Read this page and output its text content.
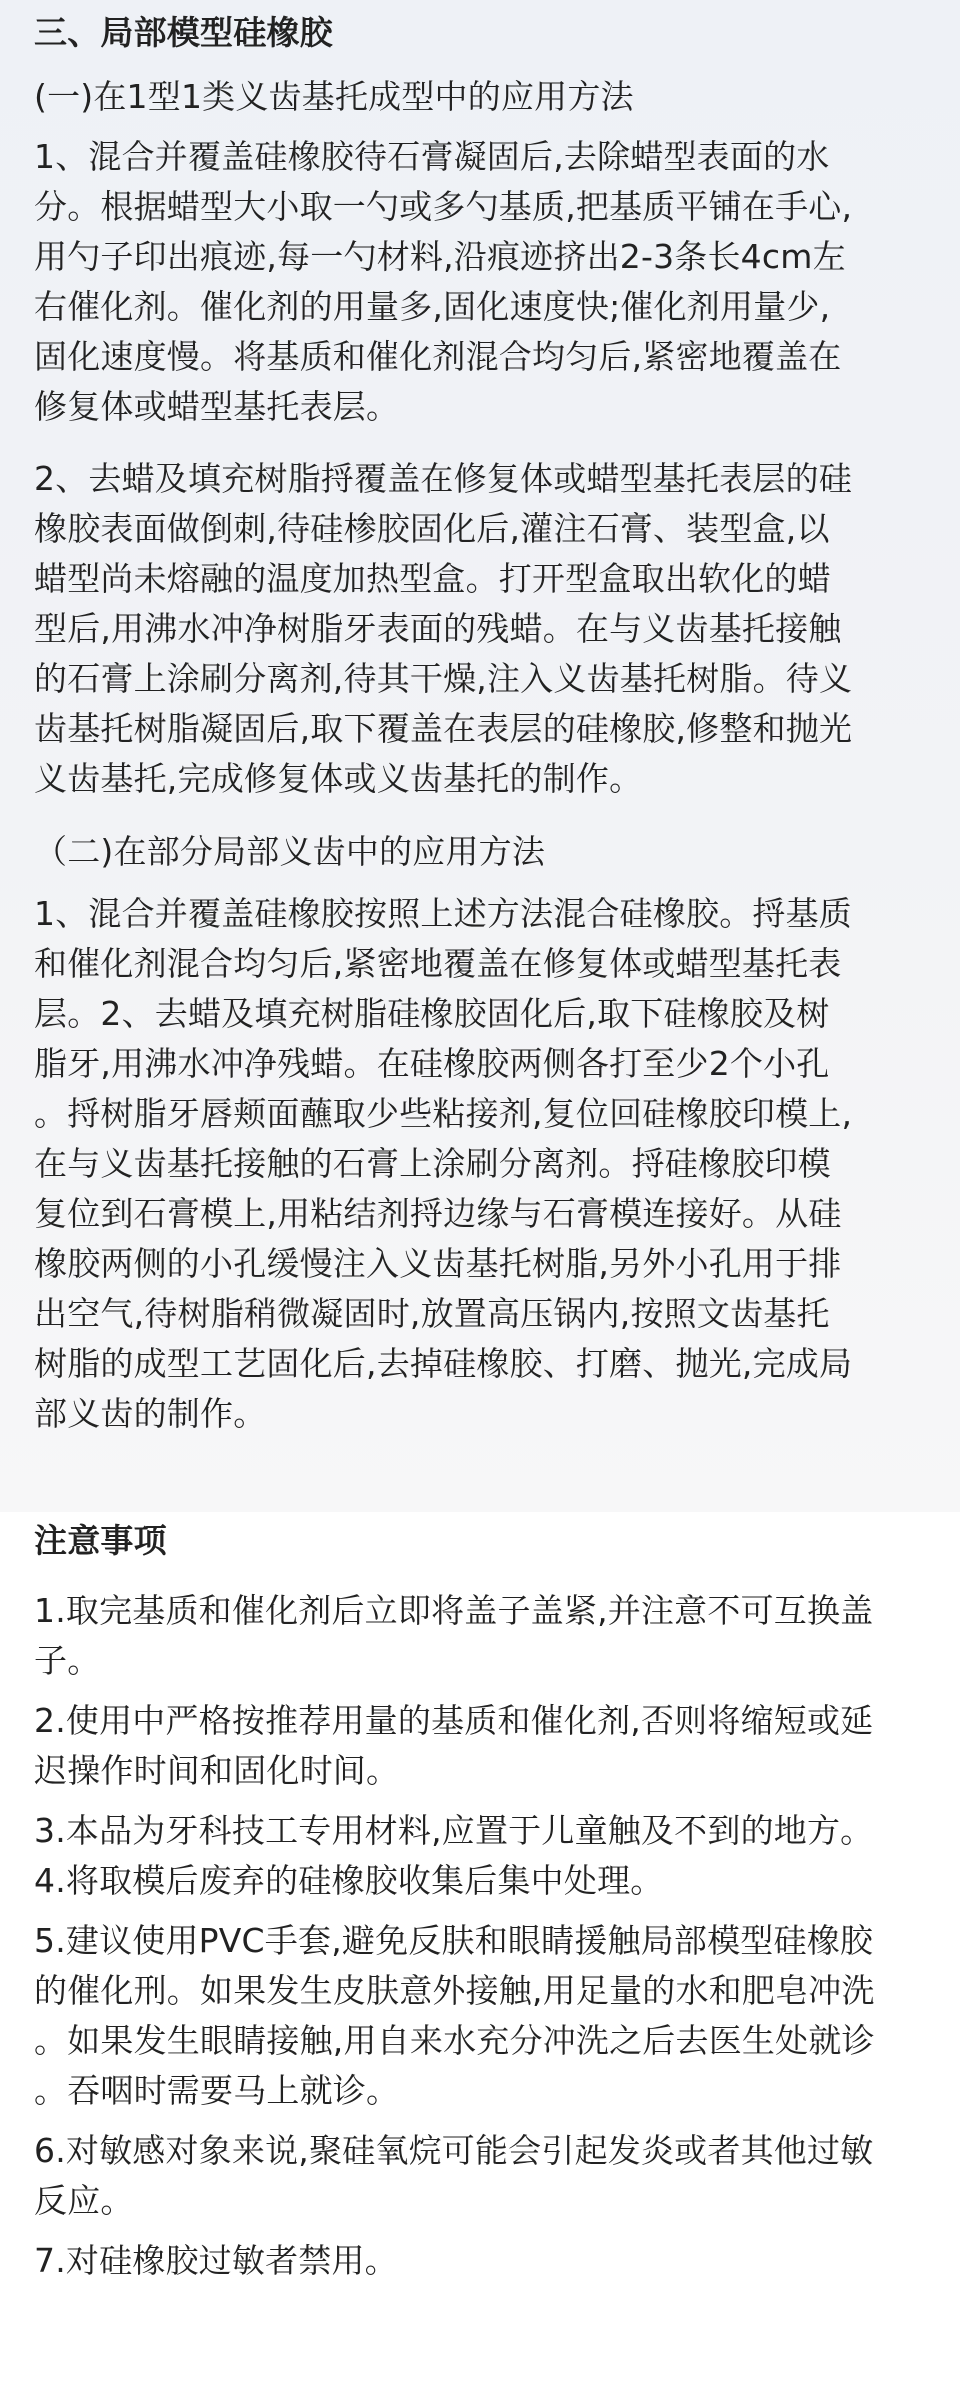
三、局部模型硅橡胶

(一)在1型1类义齿基托成型中的应用方法

1、混合并覆盖硅橡胶待石膏凝固后,去除蜡型表面的水

分。根据蜡型大小取一勺或多勺基质,把基质平铺在手心,

用勺子印出痕迹,每一勺材料,沿痕迹挤出2-3条长4cm左

右催化剂。催化剂的用量多,固化速度快;催化剂用量少,

固化速度慢。将基质和催化剂混合均匀后,紧密地覆盖在

修复体或蜡型基托表层。

2、去蜡及填充树脂捋覆盖在修复体或蜡型基托表层的硅

橡胶表面做倒刺,待硅椮胶固化后,灌注石膏、装型盒,以

蜡型尚未熔融的温度加热型盒。打开型盒取出软化的蜡

型后,用沸水冲净树脂牙表面的残蜡。在与义齿基托接触

的石膏上涂刷分离剂,待其干燥,注入义齿基托树脂。待义

齿基托树脂凝固后,取下覆盖在表层的硅橡胶,修整和抛光

义齿基托,完成修复体或义齿基托的制作。

（二)在部分局部义齿中的应用方法

1、混合并覆盖硅橡胶按照上述方法混合硅橡胶。捋基质

和催化剂混合均匀后,紧密地覆盖在修复体或蜡型基托表

层。2、去蜡及填充树脂硅橡胶固化后,取下硅橡胶及树

脂牙,用沸水冲净残蜡。在硅橡胶两侧各打至少2个小孔

。捋树脂牙唇颊面蘸取少些粘接剂,复位回硅橡胶印模上,

在与义齿基托接触的石膏上涂刷分离剂。捋硅橡胶印模

复位到石膏模上,用粘结剂捋边缘与石膏模连接好。从硅

橡胶两侧的小孔缓慢注入义齿基托树脂,另外小孔用于排

出空气,待树脂稍微凝固时,放置高压锅内,按照文齿基托

树脂的成型工艺固化后,去掉硅橡胶、打磨、抛光,完成局

部义齿的制作。

注意事项

1.取完基质和催化剂后立即将盖子盖紧,并注意不可互换盖

子。

2.使用中严格按推荐用量的基质和催化剂,否则将缩短或延

迟操作时间和固化时间。

3.本品为牙科技工专用材料,应置于儿童触及不到的地方。

4.将取模后废弃的硅橡胶收集后集中处理。

5.建议使用PVC手套,避免反肤和眼睛援触局部模型硅橡胶

的催化刑。如果发生皮肤意外接触,用足量的水和肥皂冲洗

。如果发生眼睛接触,用自来水充分冲洗之后去医生处就诊

。吞咽时需要马上就诊。

6.对敏感对象来说,聚硅氧烷可能会引起发炎或者其他过敏

反应。

7.对硅橡胶过敏者禁用。
